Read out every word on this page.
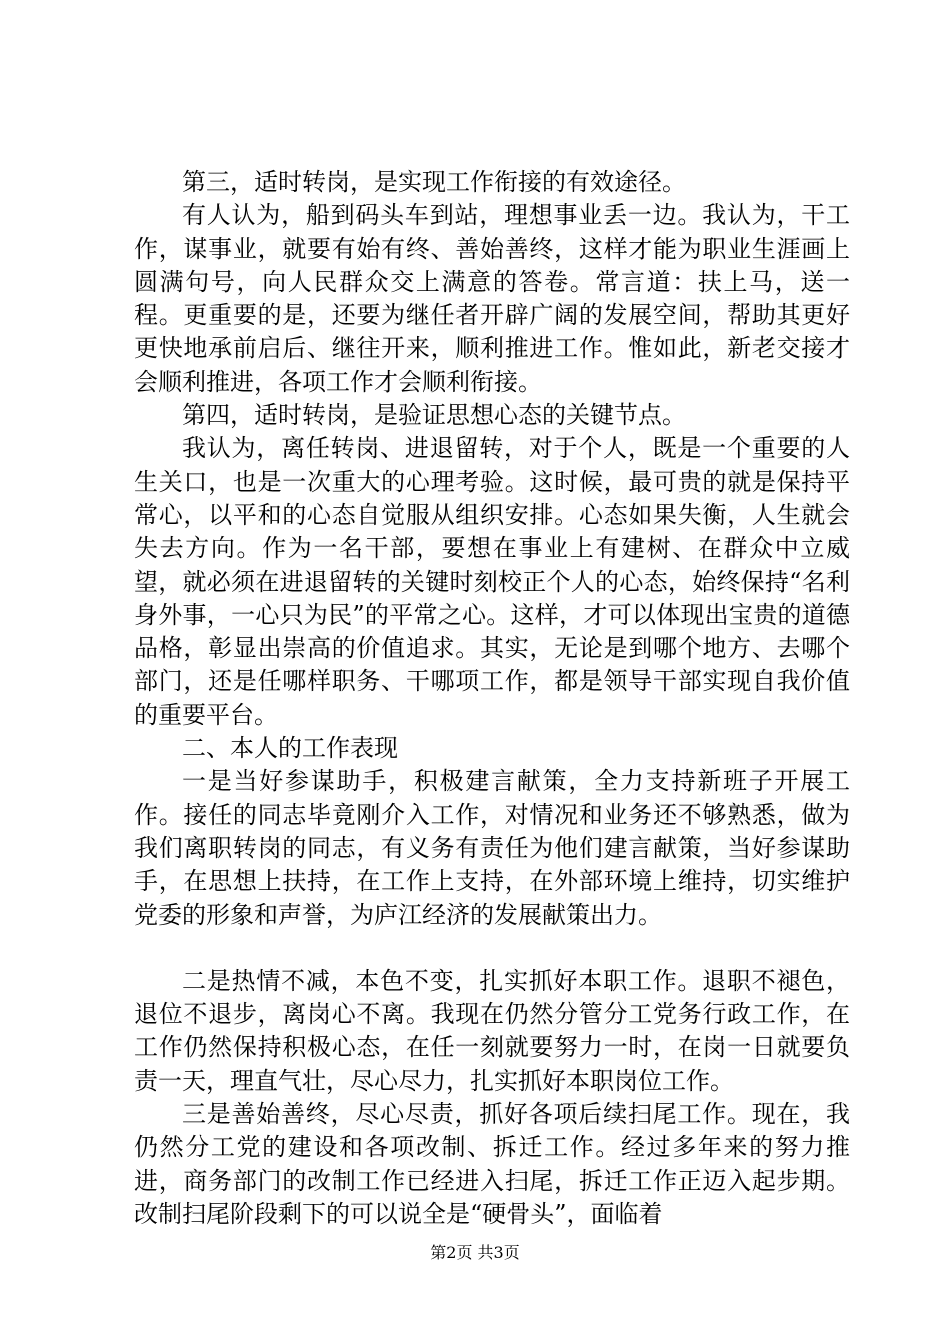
第三，适时转岗，是实现工作衔接的有效途径。

有人认为，船到码头车到站，理想事业丢一边。我认为，干工作，谋事业，就要有始有终、善始善终，这样才能为职业生涯画上圆满句号，向人民群众交上满意的答卷。常言道：扶上马，送一程。更重要的是，还要为继任者开辟广阔的发展空间，帮助其更好更快地承前启后、继往开来，顺利推进工作。惟如此，新老交接才会顺利推进，各项工作才会顺利衔接。

第四，适时转岗，是验证思想心态的关键节点。

我认为，离任转岗、进退留转，对于个人，既是一个重要的人生关口，也是一次重大的心理考验。这时候，最可贵的就是保持平常心，以平和的心态自觉服从组织安排。心态如果失衡，人生就会失去方向。作为一名干部，要想在事业上有建树、在群众中立威望，就必须在进退留转的关键时刻校正个人的心态，始终保持“名利身外事，一心只为民”的平常之心。这样，才可以体现出宝贵的道德品格，彰显出崇高的价值追求。其实，无论是到哪个地方、去哪个部门，还是任哪样职务、干哪项工作，都是领导干部实现自我价值的重要平台。

二、本人的工作表现

一是当好参谋助手，积极建言献策，全力支持新班子开展工作。接任的同志毕竟刚介入工作，对情况和业务还不够熟悉，做为我们离职转岗的同志，有义务有责任为他们建言献策，当好参谋助手，在思想上扶持，在工作上支持，在外部环境上维持，切实维护党委的形象和声誉，为庐江经济的发展献策出力。

二是热情不减，本色不变，扎实抓好本职工作。退职不褪色，退位不退步，离岗心不离。我现在仍然分管分工党务行政工作，在工作仍然保持积极心态，在任一刻就要努力一时，在岗一日就要负责一天，理直气壮，尽心尽力，扎实抓好本职岗位工作。

三是善始善终，尽心尽责，抓好各项后续扫尾工作。现在，我仍然分工党的建设和各项改制、拆迁工作。经过多年来的努力推进，商务部门的改制工作已经进入扫尾，拆迁工作正迈入起步期。改制扫尾阶段剩下的可以说全是“硬骨头”，面临着

第2页 共3页
